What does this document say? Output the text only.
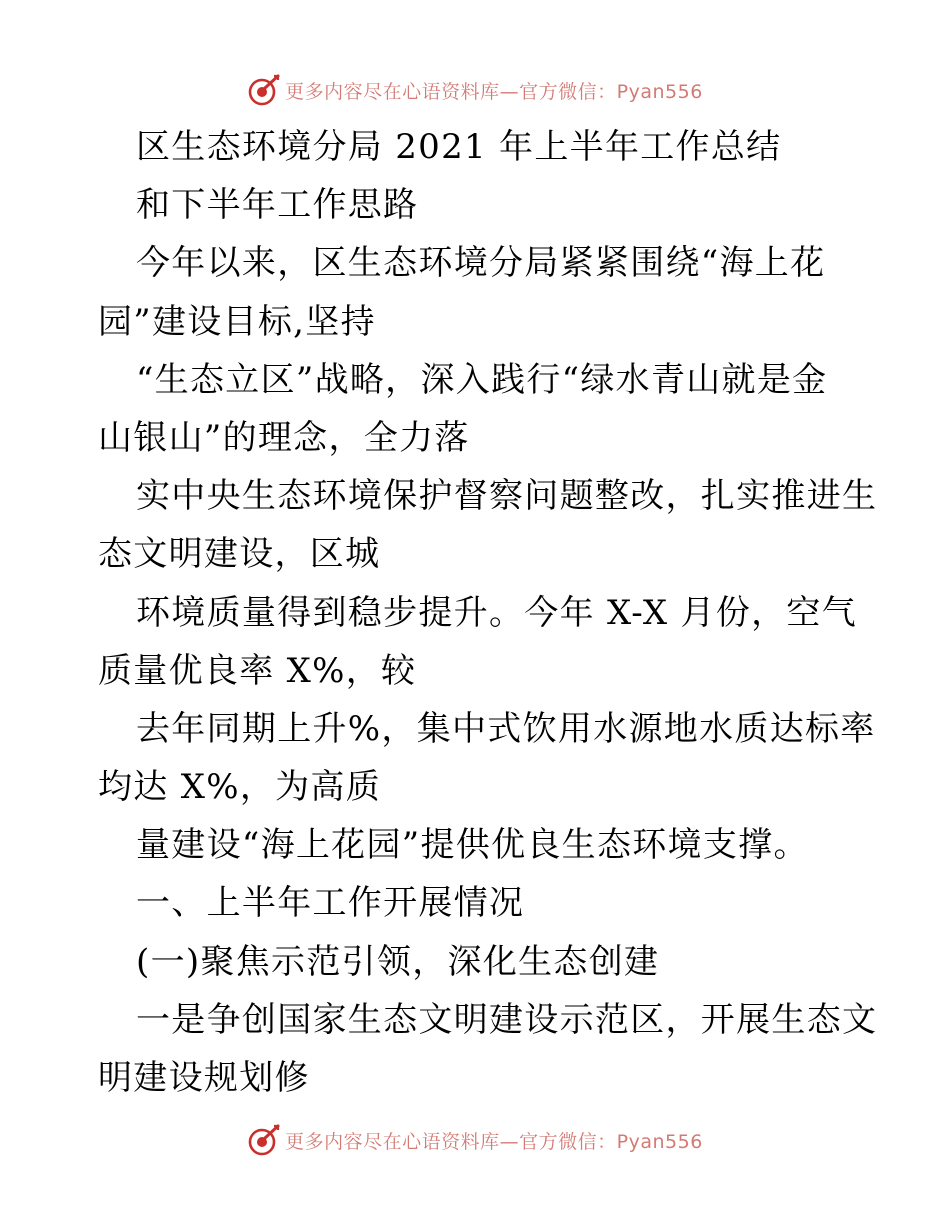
更多内容尽在心语资料库—官方微信：Pyan556
区生态环境分局 2021 年上半年工作总结
和下半年工作思路
今年以来，区生态环境分局紧紧围绕“海上花
园”建设目标,坚持
“生态立区”战略，深入践行“绿水青山就是金
山银山”的理念，全力落
实中央生态环境保护督察问题整改，扎实推进生
态文明建设，区城
环境质量得到稳步提升。今年 X-X 月份，空气
质量优良率 X%，较
去年同期上升%，集中式饮用水源地水质达标率
均达 X%，为高质
量建设“海上花园”提供优良生态环境支撑。
一、上半年工作开展情况
(一)聚焦示范引领，深化生态创建
一是争创国家生态文明建设示范区，开展生态文
明建设规划修
更多内容尽在心语资料库—官方微信：Pyan556
